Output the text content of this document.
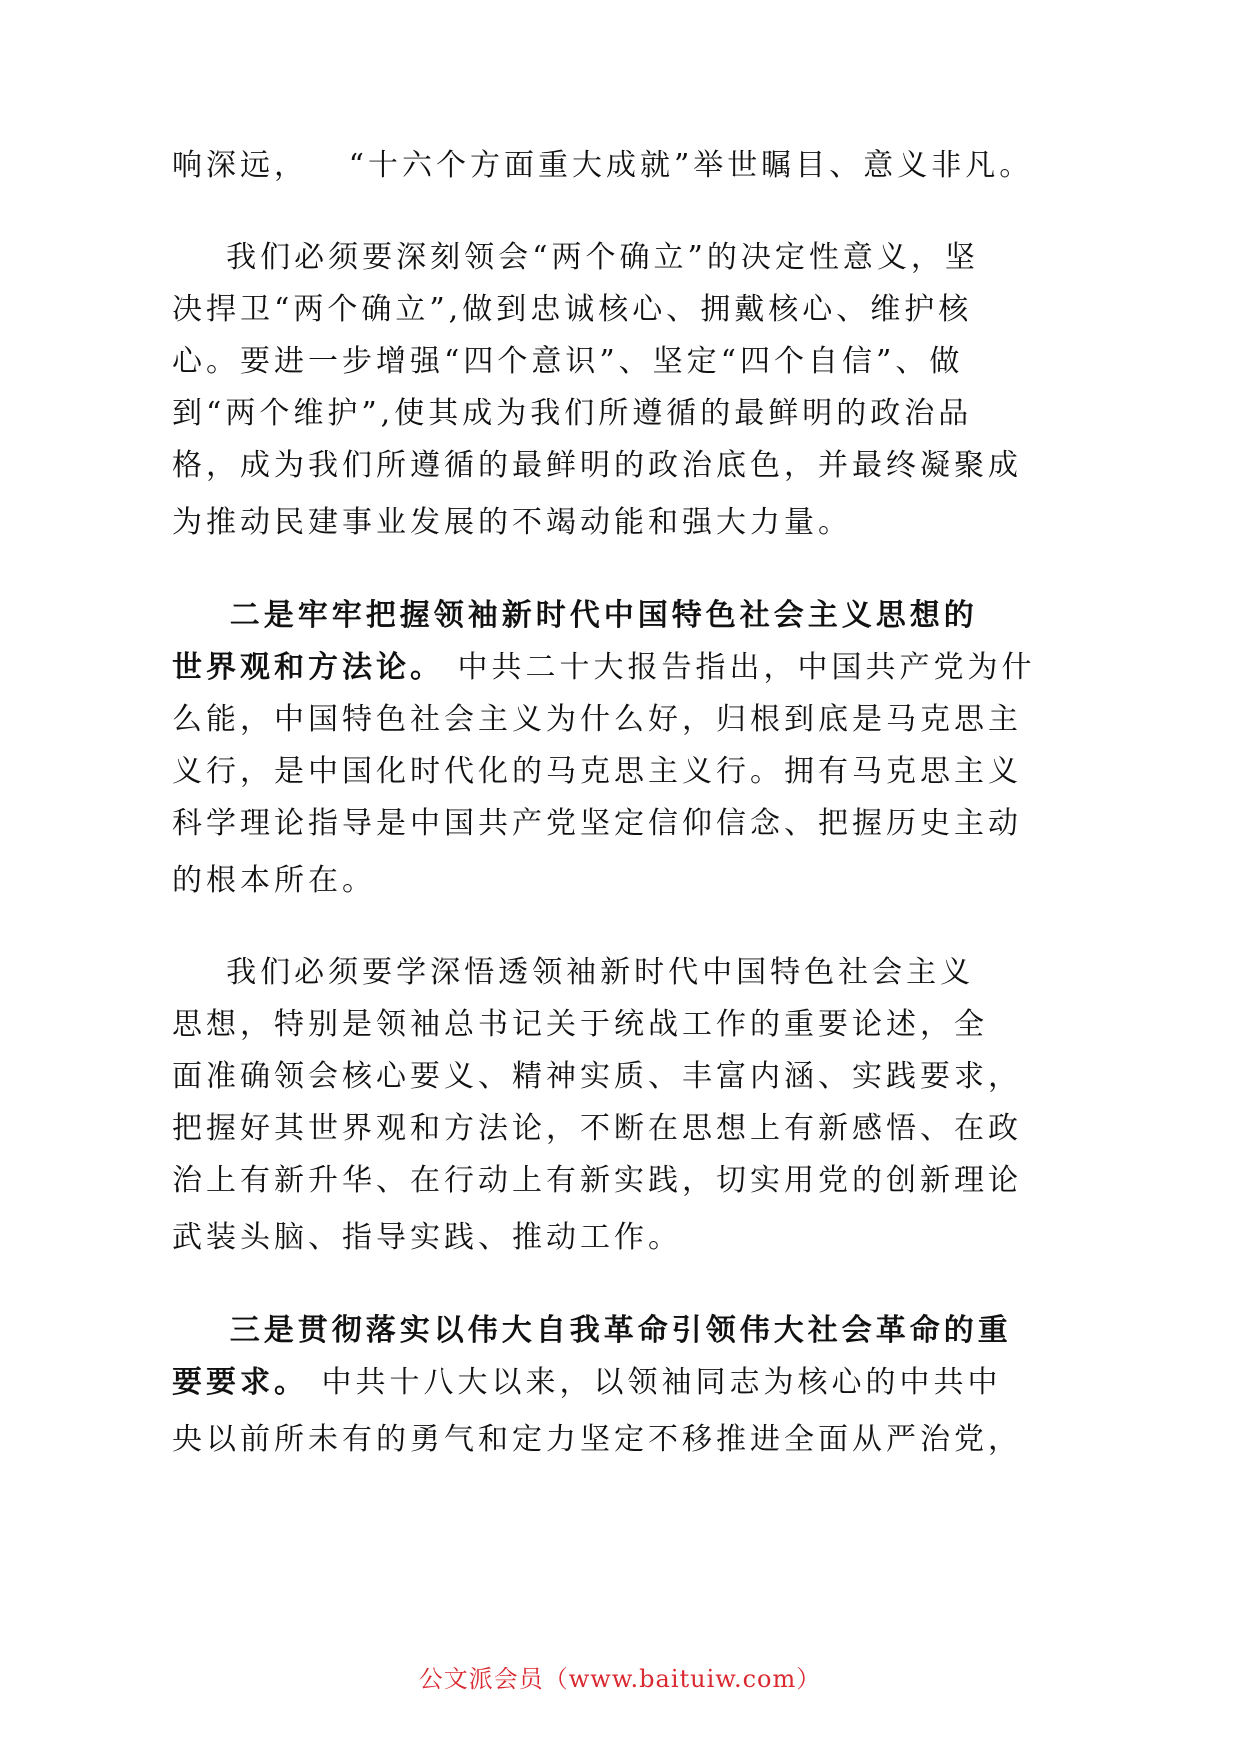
响深远，   “十六个方面重大成就”举世瞩目、意义非凡。
我们必须要深刻领会“两个确立”的决定性意义，坚
决捍卫“两个确立”,做到忠诚核心、拥戴核心、维护核
心。要进一步增强“四个意识”、坚定“四个自信”、做
到“两个维护”,使其成为我们所遵循的最鲜明的政治品
格，成为我们所遵循的最鲜明的政治底色，并最终凝聚成
为推动民建事业发展的不竭动能和强大力量。
二是牢牢把握领袖新时代中国特色社会主义思想的
世界观和方法论。 中共二十大报告指出，中国共产党为什
么能，中国特色社会主义为什么好，归根到底是马克思主
义行，是中国化时代化的马克思主义行。拥有马克思主义
科学理论指导是中国共产党坚定信仰信念、把握历史主动
的根本所在。
我们必须要学深悟透领袖新时代中国特色社会主义
思想，特别是领袖总书记关于统战工作的重要论述，全
面准确领会核心要义、精神实质、丰富内涵、实践要求，
把握好其世界观和方法论，不断在思想上有新感悟、在政
治上有新升华、在行动上有新实践，切实用党的创新理论
武装头脑、指导实践、推动工作。
三是贯彻落实以伟大自我革命引领伟大社会革命的重
要要求。 中共十八大以来，以领袖同志为核心的中共中
央以前所未有的勇气和定力坚定不移推进全面从严治党，
公文派会员（www.baituiw.com）
